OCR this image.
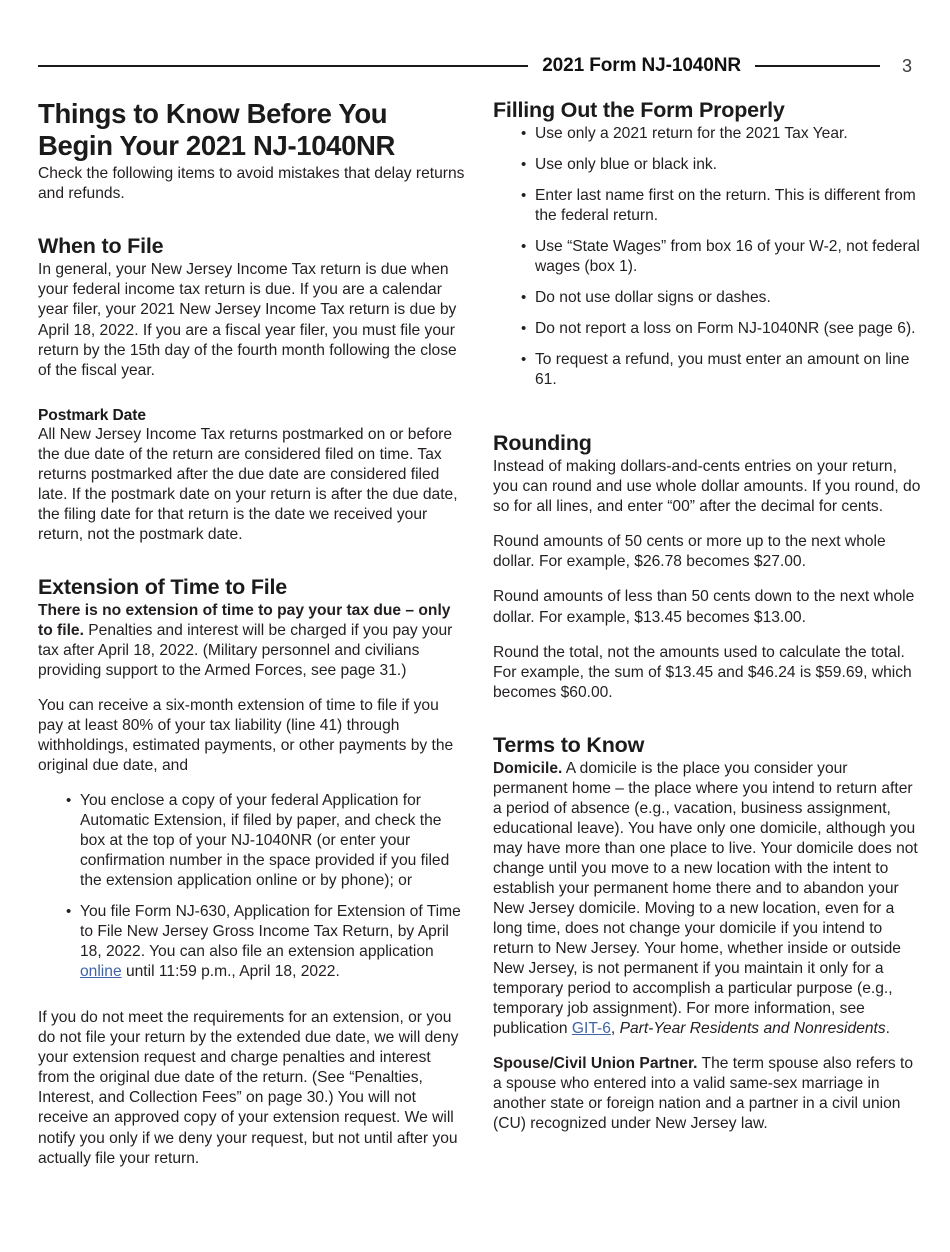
2021 Form NJ-1040NR	3
Things to Know Before You Begin Your 2021 NJ-1040NR

Check the following items to avoid mistakes that delay returns and refunds.

When to File

In general, your New Jersey Income Tax return is due when your federal income tax return is due. If you are a calendar year filer, your 2021 New Jersey Income Tax return is due by April 18, 2022. If you are a fiscal year filer, you must file your return by the 15th day of the fourth month following the close of the fiscal year.

Postmark Date

All New Jersey Income Tax returns postmarked on or before the due date of the return are considered filed on time. Tax returns postmarked after the due date are considered filed late. If the postmark date on your return is after the due date, the filing date for that return is the date we received your return, not the postmark date.

Extension of Time to File

There is no extension of time to pay your tax due – only to file. Penalties and interest will be charged if you pay your tax after April 18, 2022. (Military personnel and civilians providing support to the Armed Forces, see page 31.)

You can receive a six-month extension of time to file if you pay at least 80% of your tax liability (line 41) through withholdings, estimated payments, or other payments by the original due date, and

• You enclose a copy of your federal Application for Automatic Extension, if filed by paper, and check the box at the top of your NJ-1040NR (or enter your confirmation number in the space provided if you filed the extension application online or by phone); or
• You file Form NJ-630, Application for Extension of Time to File New Jersey Gross Income Tax Return, by April 18, 2022. You can also file an extension application online until 11:59 p.m., April 18, 2022.

If you do not meet the requirements for an extension, or you do not file your return by the extended due date, we will deny your extension request and charge penalties and interest from the original due date of the return. (See “Penalties, Interest, and Collection Fees” on page 30.) You will not receive an approved copy of your extension request. We will notify you only if we deny your request, but not until after you actually file your return.

Filling Out the Form Properly
• Use only a 2021 return for the 2021 Tax Year.
• Use only blue or black ink.
• Enter last name first on the return. This is different from the federal return.
• Use “State Wages” from box 16 of your W-2, not federal wages (box 1).
• Do not use dollar signs or dashes.
• Do not report a loss on Form NJ-1040NR (see page 6).
• To request a refund, you must enter an amount on line 61.
Rounding

Instead of making dollars-and-cents entries on your return, you can round and use whole dollar amounts. If you round, do so for all lines, and enter “00” after the decimal for cents.

Round amounts of 50 cents or more up to the next whole dollar. For example, $26.78 becomes $27.00.

Round amounts of less than 50 cents down to the next whole dollar. For example, $13.45 becomes $13.00.

Round the total, not the amounts used to calculate the total. For example, the sum of $13.45 and $46.24 is $59.69, which becomes $60.00.

Terms to Know

Domicile. A domicile is the place you consider your permanent home – the place where you intend to return after a period of absence (e.g., vacation, business assignment, educational leave). You have only one domicile, although you may have more than one place to live. Your domicile does not change until you move to a new location with the intent to establish your permanent home there and to abandon your New Jersey domicile. Moving to a new location, even for a long time, does not change your domicile if you intend to return to New Jersey. Your home, whether inside or outside New Jersey, is not permanent if you maintain it only for a temporary period to accomplish a particular purpose (e.g., temporary job assignment). For more information, see publication GIT-6, Part-Year Residents and Nonresidents.

Spouse/Civil Union Partner. The term spouse also refers to a spouse who entered into a valid same-sex marriage in another state or foreign nation and a partner in a civil union (CU) recognized under New Jersey law.
